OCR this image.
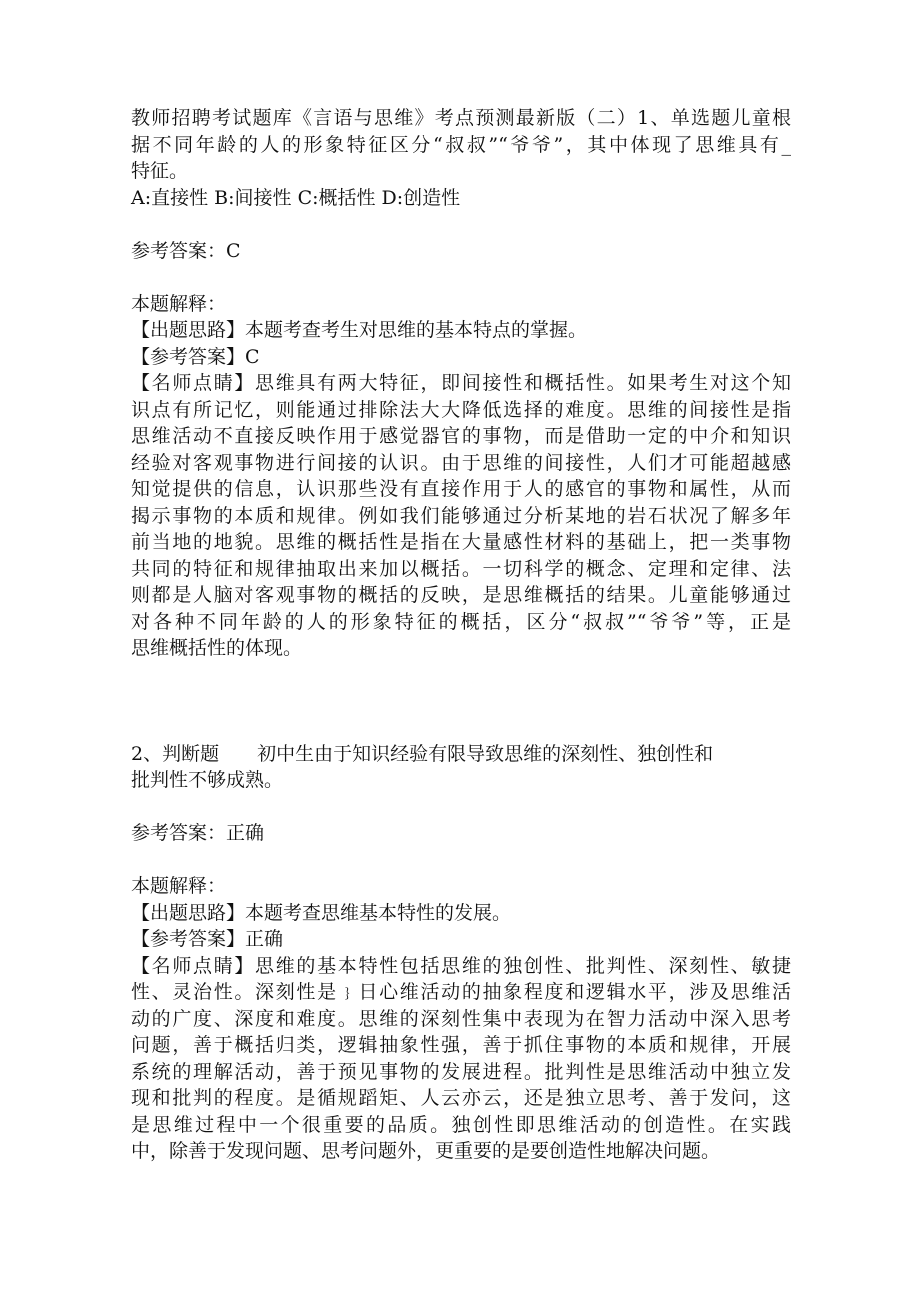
教师招聘考试题库《言语与思维》考点预测最新版（二）1、单选题儿童根
据不同年龄的人的形象特征区分“叔叔”“爷爷”，其中体现了思维具有_
特征。
A:直接性 B:间接性 C:概括性 D:创造性
参考答案：C
本题解释：
【出题思路】本题考查考生对思维的基本特点的掌握。
【参考答案】C
【名师点睛】思维具有两大特征，即间接性和概括性。如果考生对这个知
识点有所记忆，则能通过排除法大大降低选择的难度。思维的间接性是指
思维活动不直接反映作用于感觉器官的事物，而是借助一定的中介和知识
经验对客观事物进行间接的认识。由于思维的间接性，人们才可能超越感
知觉提供的信息，认识那些没有直接作用于人的感官的事物和属性，从而
揭示事物的本质和规律。例如我们能够通过分析某地的岩石状况了解多年
前当地的地貌。思维的概括性是指在大量感性材料的基础上，把一类事物
共同的特征和规律抽取出来加以概括。一切科学的概念、定理和定律、法
则都是人脑对客观事物的概括的反映，是思维概括的结果。儿童能够通过
对各种不同年龄的人的形象特征的概括，区分“叔叔”“爷爷”等，正是
思维概括性的体现。
2、判断题　　初中生由于知识经验有限导致思维的深刻性、独创性和
批判性不够成熟。
参考答案：正确
本题解释：
【出题思路】本题考查思维基本特性的发展。
【参考答案】正确
【名师点睛】思维的基本特性包括思维的独创性、批判性、深刻性、敏捷
性、灵治性。深刻性是﹜日心维活动的抽象程度和逻辑水平，涉及思维活
动的广度、深度和难度。思维的深刻性集中表现为在智力活动中深入思考
问题，善于概括归类，逻辑抽象性强，善于抓住事物的本质和规律，开展
系统的理解活动，善于预见事物的发展进程。批判性是思维活动中独立发
现和批判的程度。是循规蹈矩、人云亦云，还是独立思考、善于发问，这
是思维过程中一个很重要的品质。独创性即思维活动的创造性。在实践
中，除善于发现问题、思考问题外，更重要的是要创造性地解决问题。
